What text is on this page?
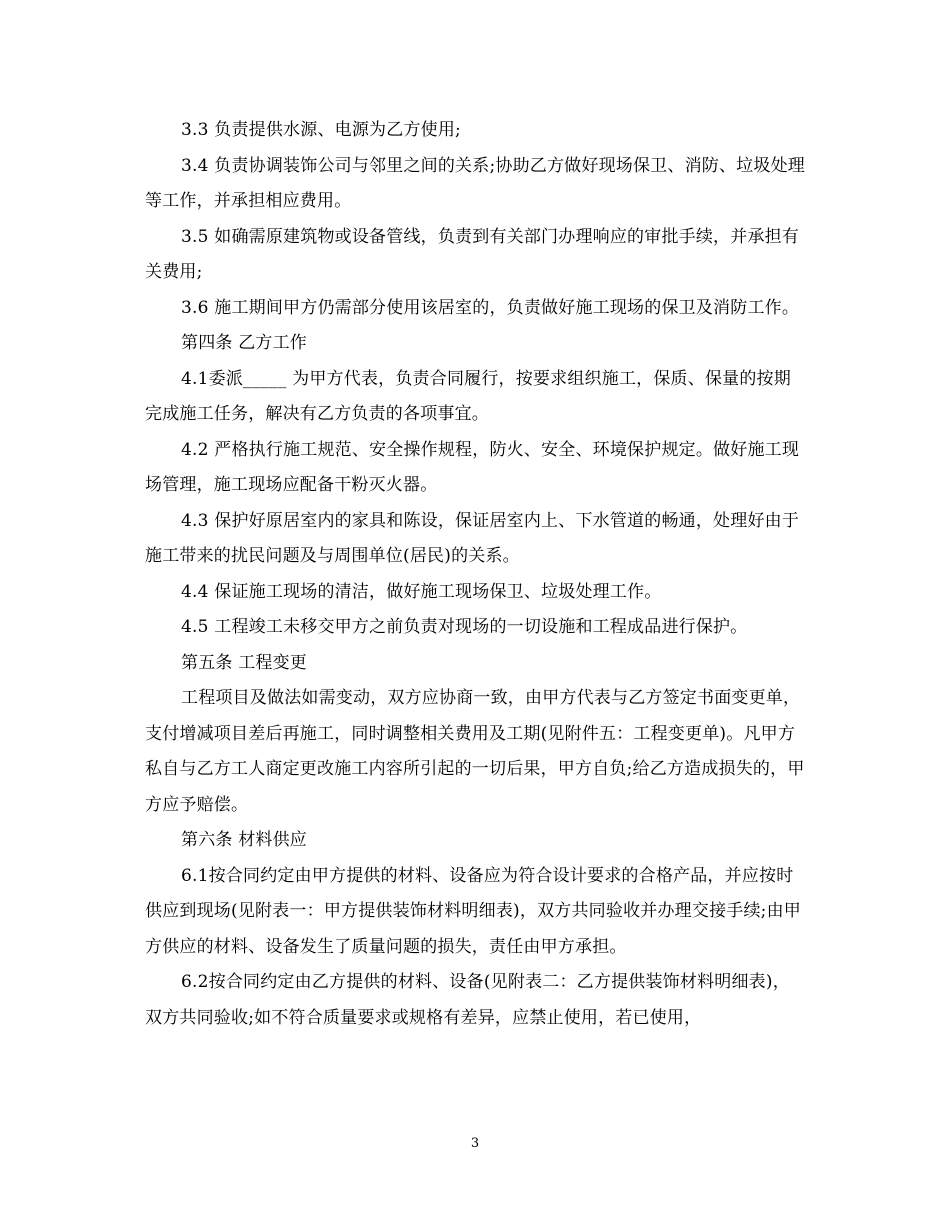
3.3 负责提供水源、电源为乙方使用;

3.4 负责协调装饰公司与邻里之间的关系;协助乙方做好现场保卫、消防、垃圾处理等工作，并承担相应费用。

3.5 如确需原建筑物或设备管线，负责到有关部门办理响应的审批手续，并承担有关费用;

3.6 施工期间甲方仍需部分使用该居室的，负责做好施工现场的保卫及消防工作。

第四条 乙方工作

4.1委派_____ 为甲方代表，负责合同履行，按要求组织施工，保质、保量的按期完成施工任务，解决有乙方负责的各项事宜。

4.2 严格执行施工规范、安全操作规程，防火、安全、环境保护规定。做好施工现场管理，施工现场应配备干粉灭火器。

4.3 保护好原居室内的家具和陈设，保证居室内上、下水管道的畅通，处理好由于施工带来的扰民问题及与周围单位(居民)的关系。

4.4 保证施工现场的清洁，做好施工现场保卫、垃圾处理工作。

4.5 工程竣工未移交甲方之前负责对现场的一切设施和工程成品进行保护。

第五条 工程变更

工程项目及做法如需变动，双方应协商一致，由甲方代表与乙方签定书面变更单，支付增减项目差后再施工，同时调整相关费用及工期(见附件五：工程变更单)。凡甲方私自与乙方工人商定更改施工内容所引起的一切后果，甲方自负;给乙方造成损失的，甲方应予赔偿。

第六条 材料供应

6.1按合同约定由甲方提供的材料、设备应为符合设计要求的合格产品，并应按时供应到现场(见附表一：甲方提供装饰材料明细表)，双方共同验收并办理交接手续;由甲方供应的材料、设备发生了质量问题的损失，责任由甲方承担。

6.2按合同约定由乙方提供的材料、设备(见附表二：乙方提供装饰材料明细表)，双方共同验收;如不符合质量要求或规格有差异，应禁止使用，若已使用，

3
